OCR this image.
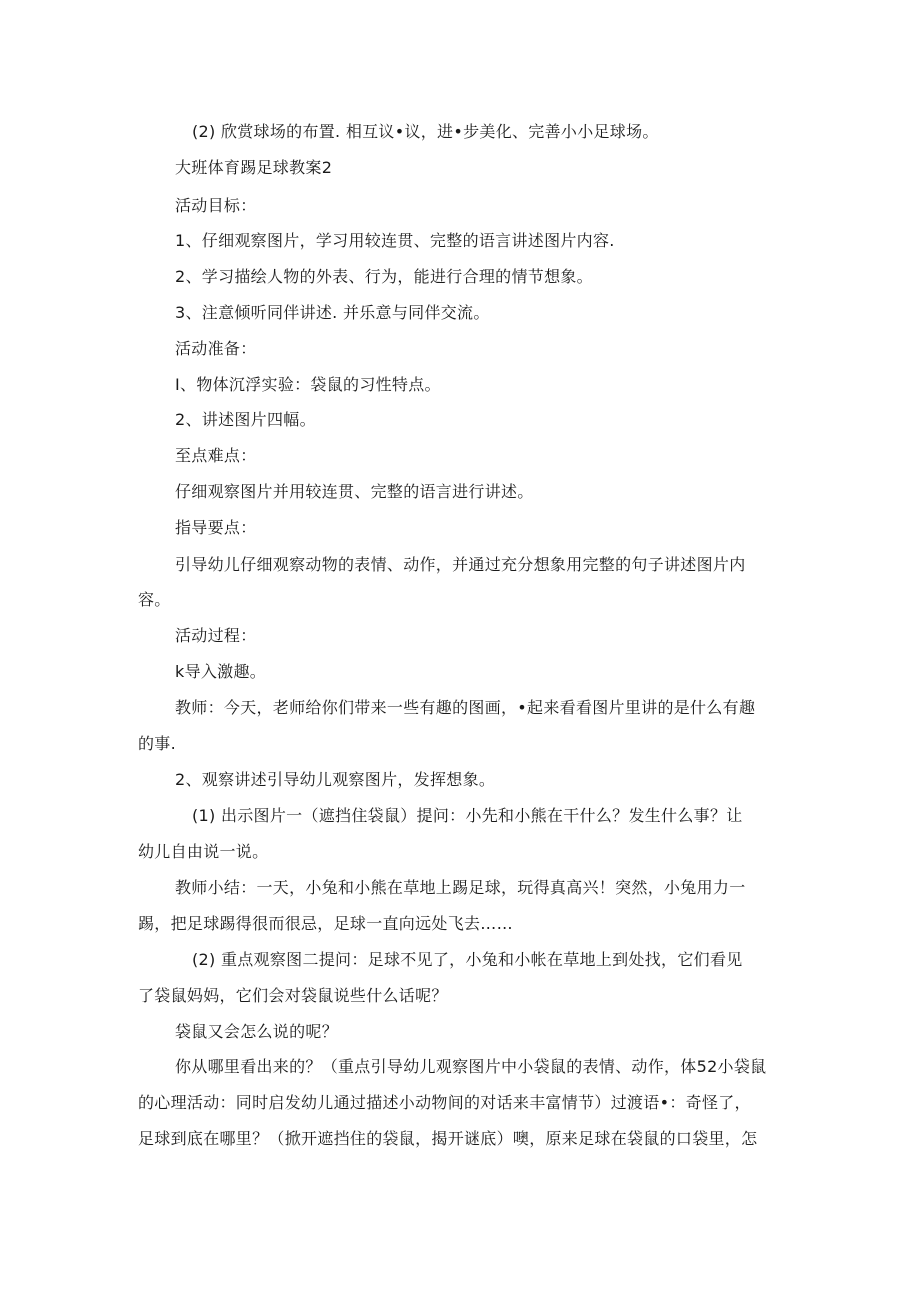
(2) 欣赏球场的布置. 相互议•议，进•步美化、完善小小足球场。
大班体育踢足球教案2
活动目标：
1、仔细观察图片，学习用较连贯、完整的语言讲述图片内容.
2、学习描绘人物的外表、行为，能进行合理的情节想象。
3、注意倾听同伴讲述. 并乐意与同伴交流。
活动准备：
I、物体沉浮实验：袋鼠的习性特点。
2、讲述图片四幅。
至点难点：
仔细观察图片并用较连贯、完整的语言进行讲述。
指导要点：
引导幼儿仔细观察动物的表情、动作，并通过充分想象用完整的句子讲述图片内
容。
活动过程：
k导入激趣。
教师：今天，老师给你们带来一些有趣的图画，•起来看看图片里讲的是什么有趣
的事.
2、观察讲述引导幼儿观察图片，发挥想象。
(1) 出示图片一（遮挡住袋鼠）提问：小先和小熊在干什么？发生什么事？让
幼儿自由说一说。
教师小结：一天，小兔和小熊在草地上踢足球，玩得真高兴！突然，小兔用力一
踢，把足球踢得很而很忌，足球一直向远处飞去……
(2) 重点观察图二提问：足球不见了，小兔和小帐在草地上到处找，它们看见
了袋鼠妈妈，它们会对袋鼠说些什么话呢？
袋鼠又会怎么说的呢？
你从哪里看出来的？（重点引导幼儿观察图片中小袋鼠的表情、动作，体52小袋鼠
的心理活动：同时启发幼儿通过描述小动物间的对话来丰富情节）过渡语•：奇怪了，
足球到底在哪里？（掀开遮挡住的袋鼠，揭开谜底）噢，原来足球在袋鼠的口袋里，怎
